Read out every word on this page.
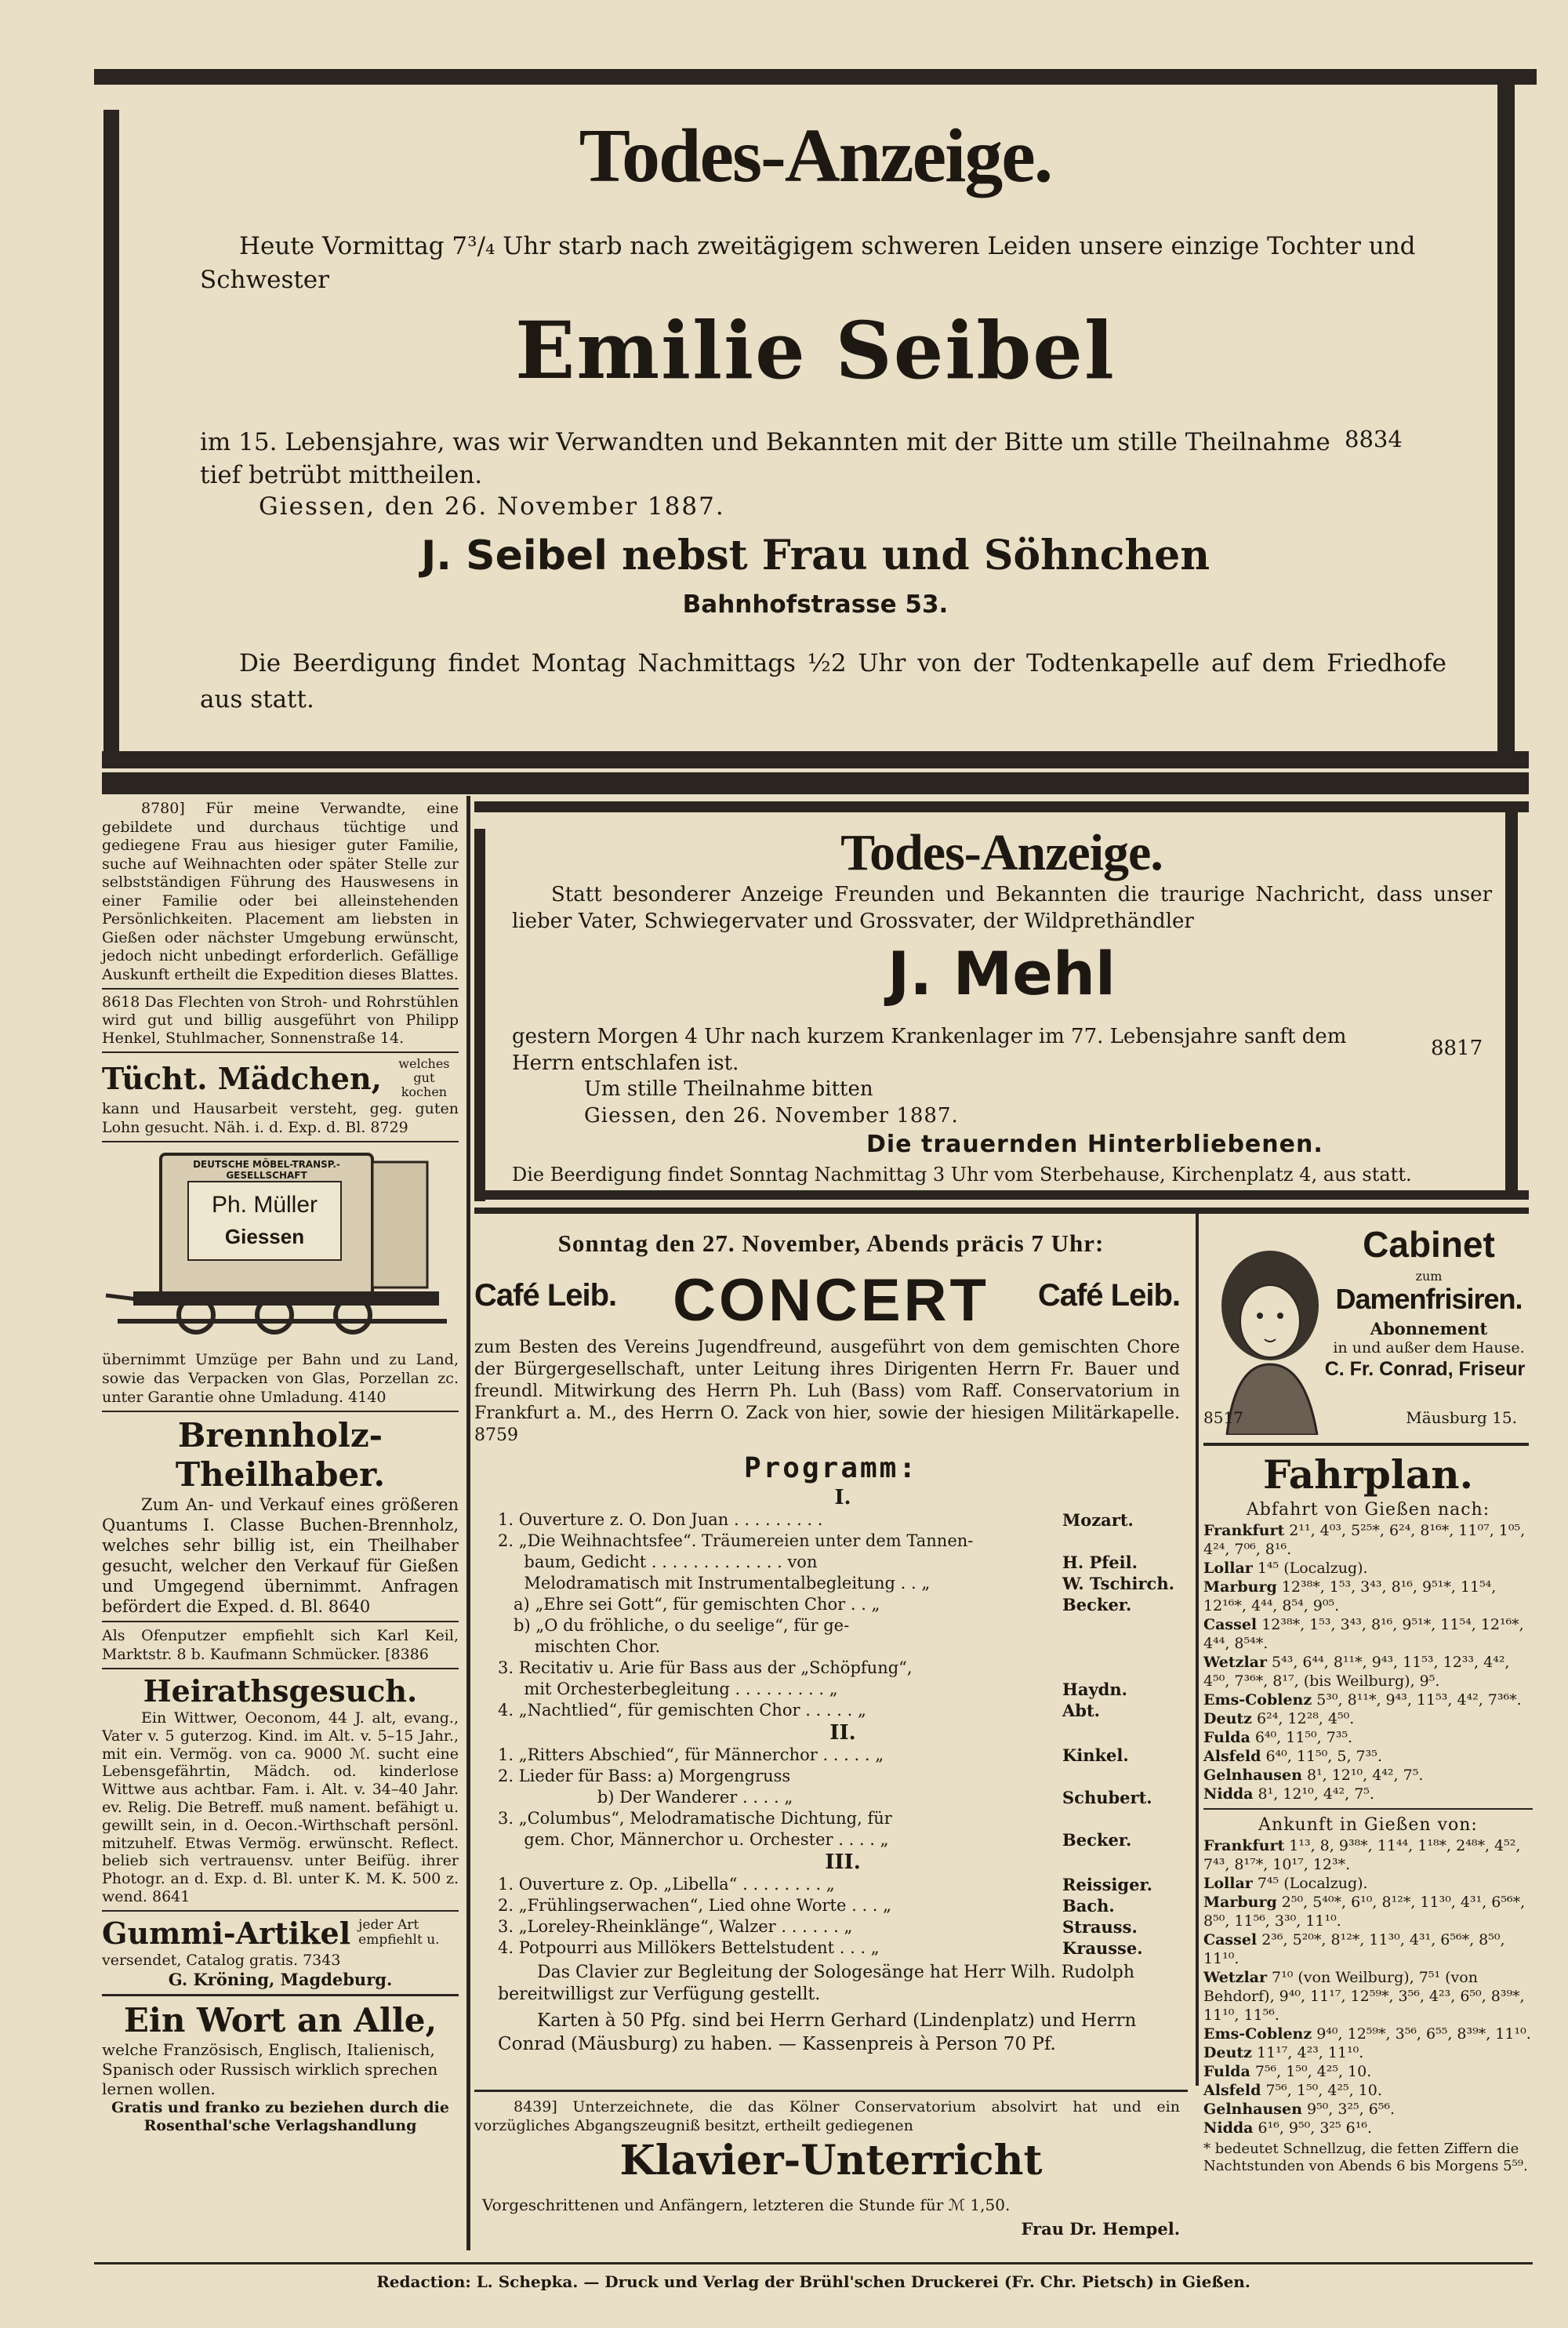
Todes-Anzeige.

Heute Vormittag 7³/₄ Uhr starb nach zweitägigem schweren Leiden unsere einzige Tochter und Schwester

Emilie Seibel

im 15. Lebensjahre, was wir Verwandten und Bekannten mit der Bitte um stille Theilnahme tief betrübt mittheilen.

8834
Giessen, den 26. November 1887.
J. Seibel nebst Frau und Söhnchen
Bahnhofstrasse 53.

Die Beerdigung findet Montag Nachmittags ½2 Uhr von der Todtenkapelle auf dem Friedhofe aus statt.

8780] Für meine Verwandte, eine gebildete und durchaus tüchtige und gediegene Frau aus hiesiger guter Familie, suche auf Weihnachten oder später Stelle zur selbstständigen Führung des Hauswesens in einer Familie oder bei alleinstehenden Persönlichkeiten. Placement am liebsten in Gießen oder nächster Umgebung erwünscht, jedoch nicht unbedingt erforderlich. Gefällige Auskunft ertheilt die Expedition dieses Blattes.

8618 Das Flechten von Stroh- und Rohrstühlen wird gut und billig ausgeführt von Philipp Henkel, Stuhlmacher, Sonnenstraße 14.

Tücht. Mädchen,	welches gut kochen

kann und Hausarbeit versteht, geg. guten Lohn gesucht. Näh. i. d. Exp. d. Bl. 8729

DEUTSCHE MÖBEL-TRANSP.-GESELLSCHAFT
Ph. Müller
Giessen

übernimmt Umzüge per Bahn und zu Land, sowie das Verpacken von Glas, Porzellan zc. unter Garantie ohne Umladung. 4140

Brennholz-Theilhaber.

Zum An- und Verkauf eines größeren Quantums I. Classe Buchen-Brennholz, welches sehr billig ist, ein Theilhaber gesucht, welcher den Verkauf für Gießen und Umgegend übernimmt. Anfragen befördert die Exped. d. Bl. 8640

Als Ofenputzer empfiehlt sich Karl Keil, Marktstr. 8 b. Kaufmann Schmücker. [8386

Heirathsgesuch.

Ein Wittwer, Oeconom, 44 J. alt, evang., Vater v. 5 guterzog. Kind. im Alt. v. 5–15 Jahr., mit ein. Vermög. von ca. 9000 ℳ. sucht eine Lebensgefährtin, Mädch. od. kinderlose Wittwe aus achtbar. Fam. i. Alt. v. 34–40 Jahr. ev. Relig. Die Betreff. muß nament. befähigt u. gewillt sein, in d. Oecon.-Wirthschaft persönl. mitzuhelf. Etwas Vermög. erwünscht. Reflect. belieb sich vertrauensv. unter Beifüg. ihrer Photogr. an d. Exp. d. Bl. unter K. M. K. 500 z. wend. 8641

Gummi-Artikel jeder Art empfiehlt u.

versendet, Catalog gratis. 7343

G. Kröning, Magdeburg.
Ein Wort an Alle,

welche Französisch, Englisch, Italienisch, Spanisch oder Russisch wirklich sprechen lernen wollen.

Gratis und franko zu beziehen durch die Rosenthal'sche Verlagshandlung

Todes-Anzeige.

Statt besonderer Anzeige Freunden und Bekannten die traurige Nachricht, dass unser lieber Vater, Schwiegervater und Grossvater, der Wildprethändler

J. Mehl

gestern Morgen 4 Uhr nach kurzem Krankenlager im 77. Lebensjahre sanft dem Herrn entschlafen ist.

8817
Um stille Theilnahme bitten
Giessen, den 26. November 1887.
Die trauernden Hinterbliebenen.
Die Beerdigung findet Sonntag Nachmittag 3 Uhr vom Sterbehause, Kirchenplatz 4, aus statt.
Sonntag den 27. November, Abends präcis 7 Uhr:
Café Leib. CONCERT	Café Leib.

zum Besten des Vereins Jugendfreund, ausgeführt von dem gemischten Chore der Bürgergesellschaft, unter Leitung ihres Dirigenten Herrn Fr. Bauer und freundl. Mitwirkung des Herrn Ph. Luh (Bass) vom Raff. Conservatorium in Frankfurt a. M., des Herrn O. Zack von hier, sowie der hiesigen Militärkapelle. 8759

Programm:
I.
1. Ouverture z. O. Don Juan . . . . . . . . .	Mozart.
2. „Die Weihnachtsfee“. Träumereien unter dem Tannen-
baum, Gedicht . . . . . . . . . . . . . von	H. Pfeil.
Melodramatisch mit Instrumentalbegleitung . . „	W. Tschirch.
a) „Ehre sei Gott“, für gemischten Chor . . „	Becker.
b) „O du fröhliche, o du seelige“, für ge-
mischten Chor.
3. Recitativ u. Arie für Bass aus der „Schöpfung“,
mit Orchesterbegleitung . . . . . . . . . „	Haydn.
4. „Nachtlied“, für gemischten Chor . . . . . „	Abt.
II.
1. „Ritters Abschied“, für Männerchor . . . . . „	Kinkel.
2. Lieder für Bass: a) Morgengruss
b) Der Wanderer . . . . „	Schubert.
3. „Columbus“, Melodramatische Dichtung, für
gem. Chor, Männerchor u. Orchester . . . . „	Becker.
III.
1. Ouverture z. Op. „Libella“ . . . . . . . . „	Reissiger.
2. „Frühlingserwachen“, Lied ohne Worte . . . „	Bach.
3. „Loreley-Rheinklänge“, Walzer . . . . . . „	Strauss.
4. Potpourri aus Millökers Bettelstudent . . . „	Krausse.

Das Clavier zur Begleitung der Sologesänge hat Herr Wilh. Rudolph bereitwilligst zur Verfügung gestellt.

Karten à 50 Pfg. sind bei Herrn Gerhard (Lindenplatz) und Herrn Conrad (Mäusburg) zu haben. — Kassenpreis à Person 70 Pf.

8439] Unterzeichnete, die das Kölner Conservatorium absolvirt hat und ein vorzügliches Abgangszeugniß besitzt, ertheilt gediegenen

Klavier-Unterricht
Vorgeschrittenen und Anfängern, letzteren die Stunde für ℳ 1,50.
Frau Dr. Hempel.
Cabinet
zum
Damenfrisiren.
Abonnement
in und außer dem Hause.
C. Fr. Conrad, Friseur
8517	Mäusburg 15.
Fahrplan.
Abfahrt von Gießen nach:

Frankfurt 2¹¹, 4⁰³, 5²⁵*, 6²⁴, 8¹⁶*, 11⁰⁷, 1⁰⁵, 4²⁴, 7⁰⁶, 8¹⁶.

Lollar 1⁴⁵ (Localzug).

Marburg 12³⁸*, 1⁵³, 3⁴³, 8¹⁶, 9⁵¹*, 11⁵⁴, 12¹⁶*, 4⁴⁴, 8⁵⁴, 9⁰⁵.

Cassel 12³⁸*, 1⁵³, 3⁴³, 8¹⁶, 9⁵¹*, 11⁵⁴, 12¹⁶*, 4⁴⁴, 8⁵⁴*.

Wetzlar 5⁴³, 6⁴⁴, 8¹¹*, 9⁴³, 11⁵³, 12³³, 4⁴², 4⁵⁰, 7³⁶*, 8¹⁷, (bis Weilburg), 9⁵.

Ems-Coblenz 5³⁰, 8¹¹*, 9⁴³, 11⁵³, 4⁴², 7³⁶*.

Deutz 6²⁴, 12²⁸, 4⁵⁰.

Fulda 6⁴⁰, 11⁵⁰, 7³⁵.

Alsfeld 6⁴⁰, 11⁵⁰, 5, 7³⁵.

Gelnhausen 8¹, 12¹⁰, 4⁴², 7⁵.

Nidda 8¹, 12¹⁰, 4⁴², 7⁵.

Ankunft in Gießen von:

Frankfurt 1¹³, 8, 9³⁸*, 11⁴⁴, 1¹⁸*, 2⁴⁸*, 4⁵², 7⁴³, 8¹⁷*, 10¹⁷, 12³*.

Lollar 7⁴⁵ (Localzug).

Marburg 2⁵⁰, 5⁴⁰*, 6¹⁰, 8¹²*, 11³⁰, 4³¹, 6⁵⁶*, 8⁵⁰, 11⁵⁶, 3³⁰, 11¹⁰.

Cassel 2³⁶, 5²⁰*, 8¹²*, 11³⁰, 4³¹, 6⁵⁶*, 8⁵⁰, 11¹⁰.

Wetzlar 7¹⁰ (von Weilburg), 7⁵¹ (von Behdorf), 9⁴⁰, 11¹⁷, 12⁵⁹*, 3⁵⁶, 4²³, 6⁵⁰, 8³⁹*, 11¹⁰, 11⁵⁶.

Ems-Coblenz 9⁴⁰, 12⁵⁹*, 3⁵⁶, 6⁵⁵, 8³⁹*, 11¹⁰.

Deutz 11¹⁷, 4²³, 11¹⁰.

Fulda 7⁵⁶, 1⁵⁰, 4²⁵, 10.

Alsfeld 7⁵⁶, 1⁵⁰, 4²⁵, 10.

Gelnhausen 9⁵⁰, 3²⁵, 6⁵⁶.

Nidda 6¹⁶, 9⁵⁰, 3²⁵ 6¹⁶.

* bedeutet Schnellzug, die fetten Ziffern die Nachtstunden von Abends 6 bis Morgens 5⁵⁹.

Redaction: L. Schepka. — Druck und Verlag der Brühl'schen Druckerei (Fr. Chr. Pietsch) in Gießen.
